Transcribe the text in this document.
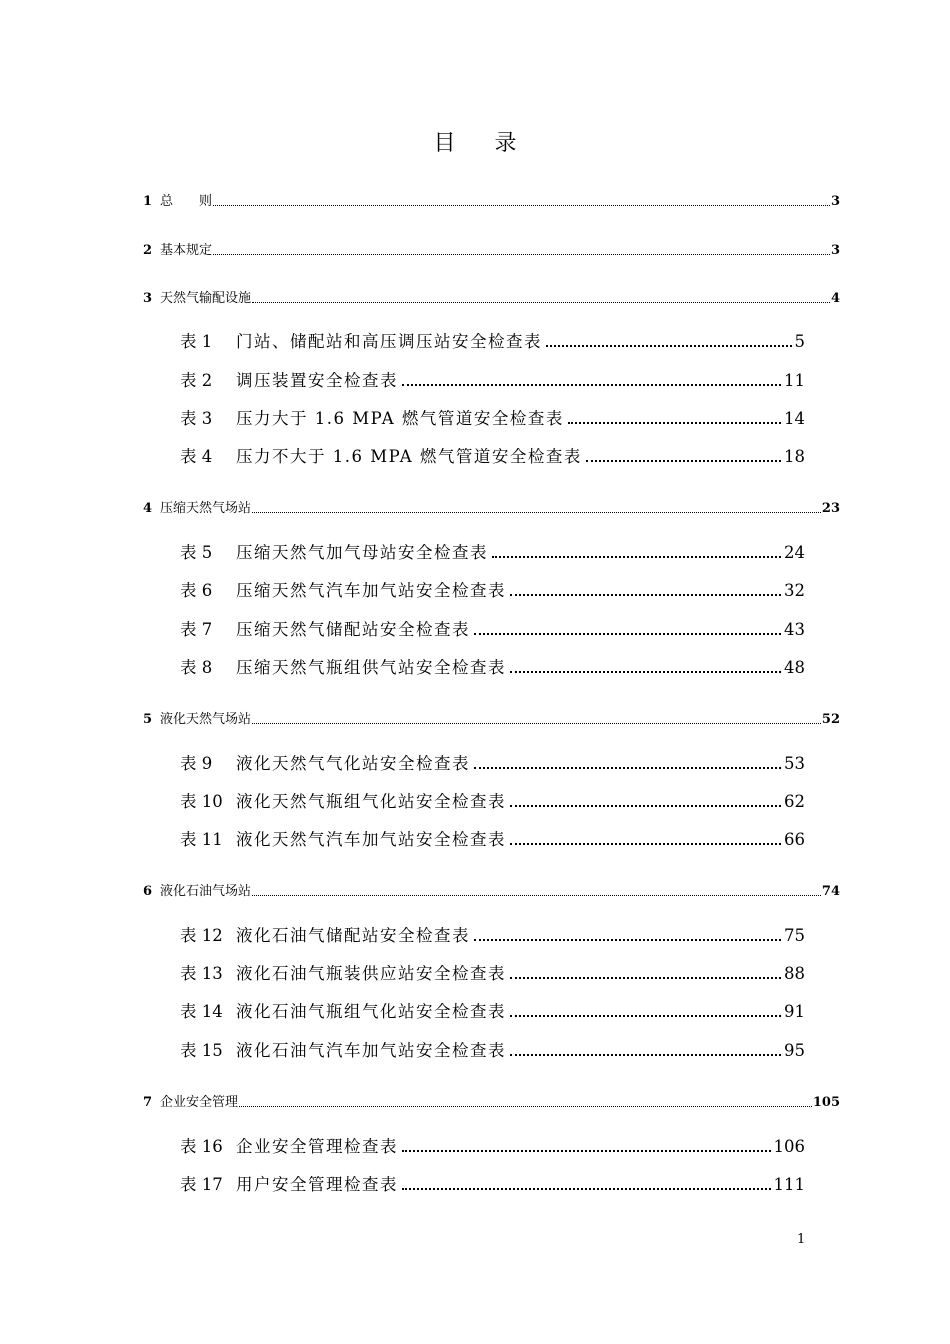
目 录
1 总　　则	3
2 基本规定	3
3 天然气输配设施	4
表 1	门站、储配站和高压调压站安全检查表	5
表 2	调压装置安全检查表	11
表 3	压力大于 1.6 MPA 燃气管道安全检查表	14
表 4	压力不大于 1.6 MPA 燃气管道安全检查表	18
4 压缩天然气场站	23
表 5	压缩天然气加气母站安全检查表	24
表 6	压缩天然气汽车加气站安全检查表	32
表 7	压缩天然气储配站安全检查表	43
表 8	压缩天然气瓶组供气站安全检查表	48
5 液化天然气场站	52
表 9	液化天然气气化站安全检查表	53
表 10 液化天然气瓶组气化站安全检查表	62
表 11 液化天然气汽车加气站安全检查表	66
6 液化石油气场站	74
表 12 液化石油气储配站安全检查表	75
表 13 液化石油气瓶装供应站安全检查表	88
表 14 液化石油气瓶组气化站安全检查表	91
表 15 液化石油气汽车加气站安全检查表	95
7 企业安全管理	105
表 16 企业安全管理检查表	106
表 17 用户安全管理检查表	111
1
